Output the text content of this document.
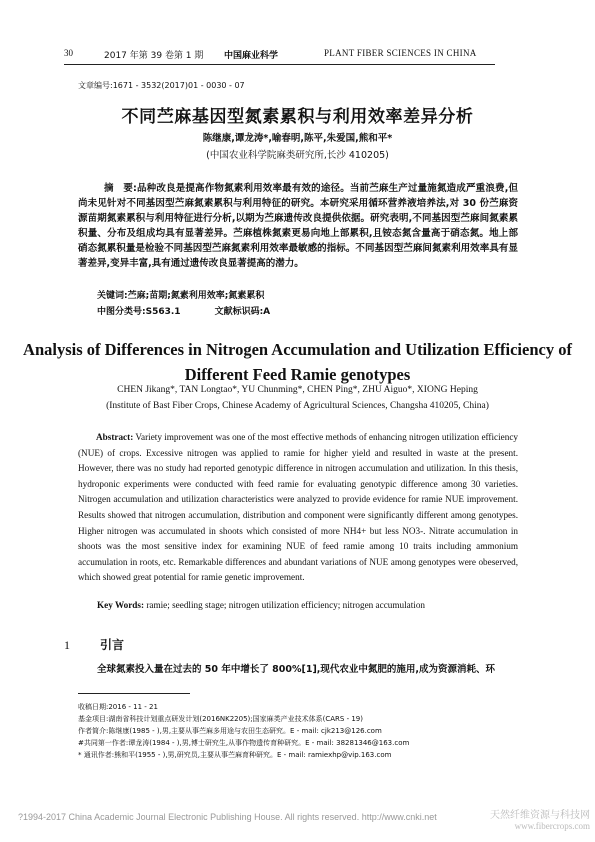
30	2017 年第 39 卷第 1 期 中国麻业科学	PLANT FIBER SCIENCES IN CHINA
文章编号:1671 - 3532(2017)01 - 0030 - 07
不同苎麻基因型氮素累积与利用效率差异分析
陈继康,谭龙涛*,喻春明,陈平,朱爱国,熊和平*
(中国农业科学院麻类研究所,长沙 410205)
摘　要:品种改良是提高作物氮素利用效率最有效的途径。当前苎麻生产过量施氮造成严重浪费,但尚未见针对不同基因型苎麻氮素累积与利用特征的研究。本研究采用循环营养液培养法,对 30 份苎麻资源苗期氮素累积与利用特征进行分析,以期为苎麻遗传改良提供依据。研究表明,不同基因型苎麻间氮素累积量、分布及组成均具有显著差异。苎麻植株氮素更易向地上部累积,且铵态氮含量高于硝态氮。地上部硝态氮累积量是检验不同基因型苎麻氮素利用效率最敏感的指标。不同基因型苎麻间氮素利用效率具有显著差异,变异丰富,具有通过遗传改良显著提高的潜力。
关键词:苎麻;苗期;氮素利用效率;氮素累积
中图分类号:S563.1	文献标识码:A
Analysis of Differences in Nitrogen Accumulation and Utilization Efficiency of Different Feed Ramie genotypes
CHEN Jikang*, TAN Longtao*, YU Chunming*, CHEN Ping*, ZHU Aiguo*, XIONG Heping
(Institute of Bast Fiber Crops, Chinese Academy of Agricultural Sciences, Changsha 410205, China)
Abstract: Variety improvement was one of the most effective methods of enhancing nitrogen utilization efficiency (NUE) of crops. Excessive nitrogen was applied to ramie for higher yield and resulted in waste at the present. However, there was no study had reported genotypic difference in nitrogen accumulation and utilization. In this thesis, hydroponic experiments were conducted with feed ramie for evaluating genotypic difference among 30 varieties. Nitrogen accumulation and utilization characteristics were analyzed to provide evidence for ramie NUE improvement. Results showed that nitrogen accumulation, distribution and component were significantly different among genotypes. Higher nitrogen was accumulated in shoots which consisted of more NH4+ but less NO3-. Nitrate accumulation in shoots was the most sensitive index for examining NUE of feed ramie among 10 traits including ammonium accumulation in roots, etc. Remarkable differences and abundant variations of NUE among genotypes were obeserved, which showed great potential for ramie genetic improvement.
Key Words: ramie; seedling stage; nitrogen utilization efficiency; nitrogen accumulation
1	引言
全球氮素投入量在过去的 50 年中增长了 800%[1],现代农业中氮肥的施用,成为资源消耗、环
收稿日期:2016 - 11 - 21
基金项目:湖南省科技计划重点研发计划(2016NK2205);国家麻类产业技术体系(CARS - 19)
作者简介:陈继康(1985 - ),男,主要从事苎麻多用途与农田生态研究。E - mail: cjk213@126.com
#共同第一作者:谭龙涛(1984 - ),男,博士研究生,从事作物遗传育种研究。E - mail: 38281346@163.com
* 通讯作者:熊和平(1955 - ),男,研究员,主要从事苎麻育种研究。E - mail: ramiexhp@vip.163.com
?1994-2017 China Academic Journal Electronic Publishing House. All rights reserved. http://www.cnki.net	天然纤维资源与科技网
www.fibercrops.com
